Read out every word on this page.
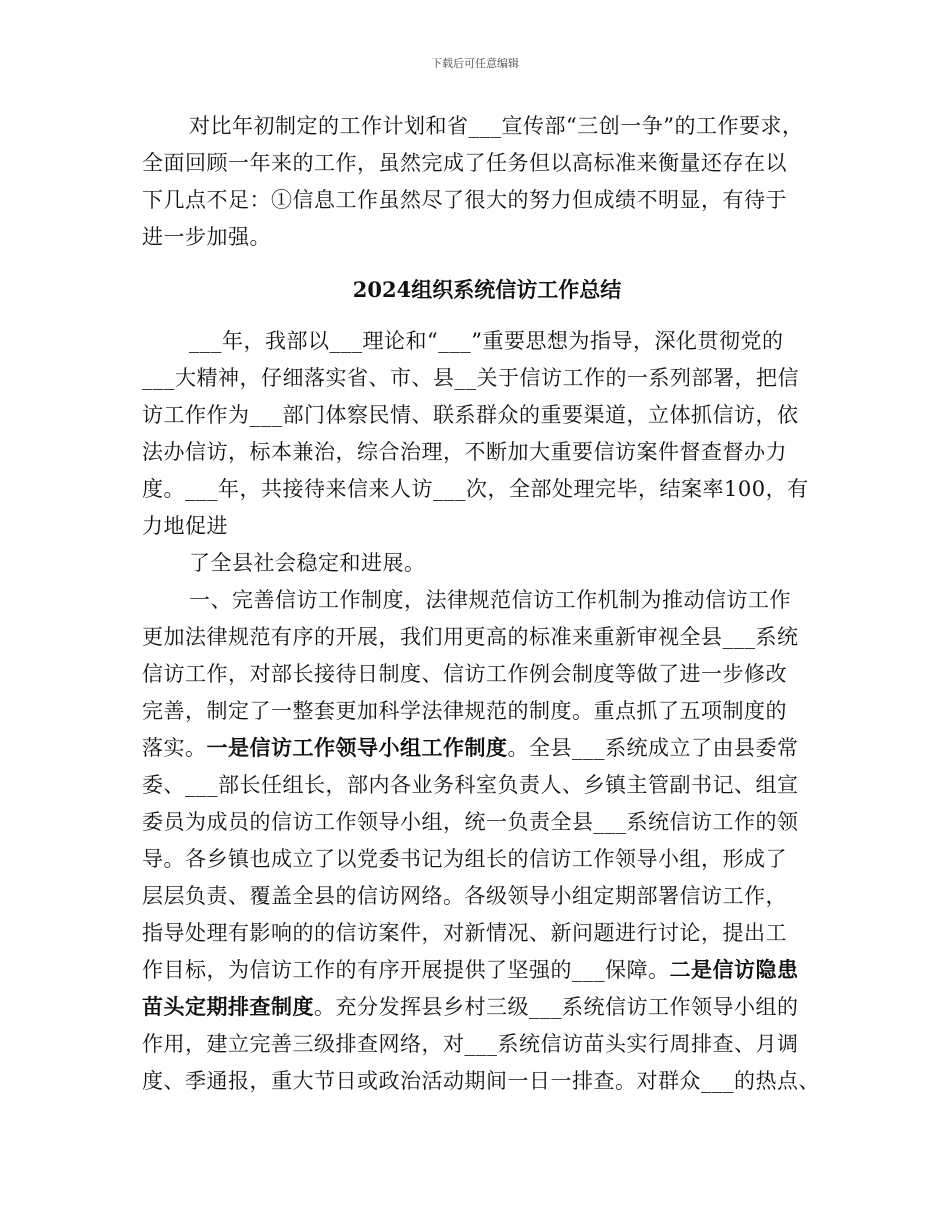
下载后可任意编辑
对比年初制定的工作计划和省___宣传部“三创一争”的工作要求，
全面回顾一年来的工作，虽然完成了任务但以高标准来衡量还存在以
下几点不足：①信息工作虽然尽了很大的努力但成绩不明显，有待于
进一步加强。
2024组织系统信访工作总结
___年，我部以___理论和“___”重要思想为指导，深化贯彻党的
___大精神，仔细落实省、市、县__关于信访工作的一系列部署，把信
访工作作为___部门体察民情、联系群众的重要渠道，立体抓信访，依
法办信访，标本兼治，综合治理，不断加大重要信访案件督查督办力
度。___年，共接待来信来人访___次，全部处理完毕，结案率100，有
力地促进
了全县社会稳定和进展。
一、完善信访工作制度，法律规范信访工作机制为推动信访工作
更加法律规范有序的开展，我们用更高的标准来重新审视全县___系统
信访工作，对部长接待日制度、信访工作例会制度等做了进一步修改
完善，制定了一整套更加科学法律规范的制度。重点抓了五项制度的
落实。一是信访工作领导小组工作制度。全县___系统成立了由县委常
委、___部长任组长，部内各业务科室负责人、乡镇主管副书记、组宣
委员为成员的信访工作领导小组，统一负责全县___系统信访工作的领
导。各乡镇也成立了以党委书记为组长的信访工作领导小组，形成了
层层负责、覆盖全县的信访网络。各级领导小组定期部署信访工作，
指导处理有影响的的信访案件，对新情况、新问题进行讨论，提出工
作目标，为信访工作的有序开展提供了坚强的___保障。二是信访隐患
苗头定期排查制度。充分发挥县乡村三级___系统信访工作领导小组的
作用，建立完善三级排查网络，对___系统信访苗头实行周排查、月调
度、季通报，重大节日或政治活动期间一日一排查。对群众___的热点、
